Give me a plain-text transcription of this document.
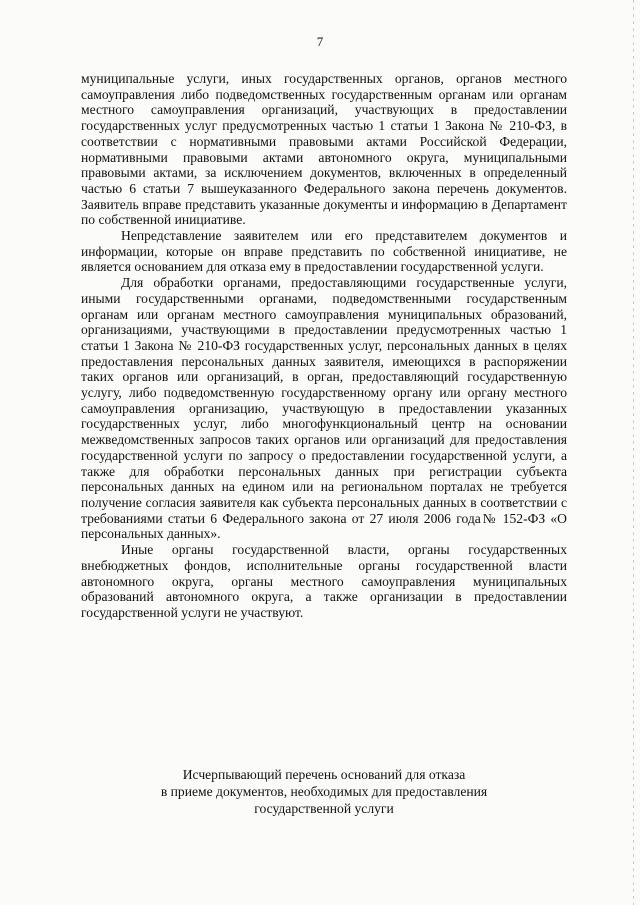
7

муниципальные услуги, иных государственных органов, органов местного самоуправления либо подведомственных государственным органам или органам местного самоуправления организаций, участвующих в предоставлении государственных услуг предусмотренных частью 1 статьи 1 Закона № 210-ФЗ, в соответствии с нормативными правовыми актами Российской Федерации, нормативными правовыми актами автономного округа, муниципальными правовыми актами, за исключением документов, включенных в определенный частью 6 статьи 7 вышеуказанного Федерального закона перечень документов. Заявитель вправе представить указанные документы и информацию в Департамент по собственной инициативе.

Непредставление заявителем или его представителем документов и информации, которые он вправе представить по собственной инициативе, не является основанием для отказа ему в предоставлении государственной услуги.

Для обработки органами, предоставляющими государственные услуги, иными государственными органами, подведомственными государственным органам или органам местного самоуправления муниципальных образований, организациями, участвующими в предоставлении предусмотренных частью 1 статьи 1 Закона № 210-ФЗ государственных услуг, персональных данных в целях предоставления персональных данных заявителя, имеющихся в распоряжении таких органов или организаций, в орган, предоставляющий государственную услугу, либо подведомственную государственному органу или органу местного самоуправления организацию, участвующую в предоставлении указанных государственных услуг, либо многофункциональный центр на основании межведомственных запросов таких органов или организаций для предоставления государственной услуги по запросу о предоставлении государственной услуги, а также для обработки персональных данных при регистрации субъекта персональных данных на едином или на региональном порталах не требуется получение согласия заявителя как субъекта персональных данных в соответствии с требованиями статьи 6 Федерального закона от 27 июля 2006 года№ 152-ФЗ «О персональных данных».

Иные органы государственной власти, органы государственных внебюджетных фондов, исполнительные органы государственной власти автономного округа, органы местного самоуправления муниципальных образований автономного округа, а также организации в предоставлении государственной услуги не участвуют.

Исчерпывающий перечень оснований для отказа
в приеме документов, необходимых для предоставления
государственной услуги
